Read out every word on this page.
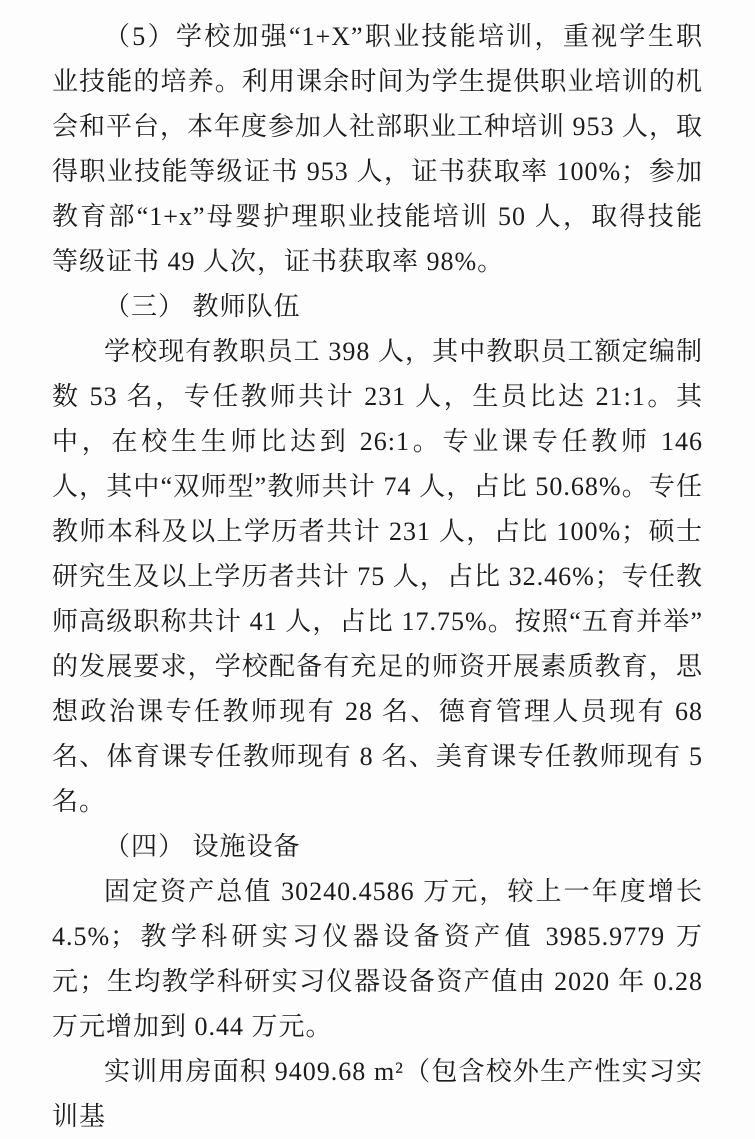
（5）学校加强“1+X”职业技能培训，重视学生职业技能的培养。利用课余时间为学生提供职业培训的机会和平台，本年度参加人社部职业工种培训 953 人，取得职业技能等级证书 953 人，证书获取率 100%；参加教育部“1+x”母婴护理职业技能培训 50 人，取得技能等级证书 49 人次，证书获取率 98%。

（三） 教师队伍

学校现有教职员工 398 人，其中教职员工额定编制数 53 名，专任教师共计 231 人，生员比达 21:1。其中，在校生生师比达到 26:1。专业课专任教师 146 人，其中“双师型”教师共计 74 人，占比 50.68%。专任教师本科及以上学历者共计 231 人，占比 100%；硕士研究生及以上学历者共计 75 人，占比 32.46%；专任教师高级职称共计 41 人，占比 17.75%。按照“五育并举”的发展要求，学校配备有充足的师资开展素质教育，思想政治课专任教师现有 28 名、德育管理人员现有 68 名、体育课专任教师现有 8 名、美育课专任教师现有 5 名。

（四） 设施设备

固定资产总值 30240.4586 万元，较上一年度增长 4.5%；教学科研实习仪器设备资产值 3985.9779 万元；生均教学科研实习仪器设备资产值由 2020 年 0.28 万元增加到 0.44 万元。

实训用房面积 9409.68 m²（包含校外生产性实习实训基
